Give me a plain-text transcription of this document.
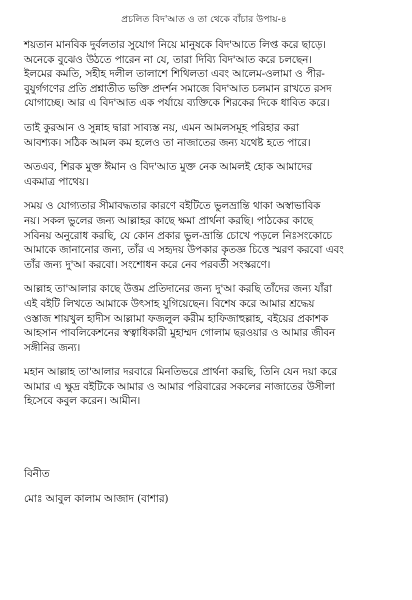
প্রচলিত বিদ'আত ও তা থেকে বাঁচার উপায়-৪
শয়তান মানবিক দুর্বলতার সুযোগ নিয়ে মানুষকে বিদ'আতে লিপ্ত করে ছাড়ে।
অনেকে বুঝেও উঠতে পারেন না যে, তারা দিব্যি বিদ'আত করে চলছেন।
ইলমের কমতি, সহীহ দলীল তালাশে শিথিলতা এবং আলেম-ওলামা ও পীর-
বুযুর্গগণের প্রতি প্রশ্নাতীত ভক্তি প্রদর্শন সমাজে বিদ'আত চলমান রাখতে রসদ
যোগাচ্ছে। আর এ বিদ'আত এক পর্যায়ে ব্যক্তিকে শিরকের দিকে ধাবিত করে।
তাই কুরআন ও সুন্নাহ দ্বারা সাব্যস্ত নয়, এমন আমলসমূহ পরিহার করা
আবশ্যক। সঠিক আমল কম হলেও তা নাজাতের জন্য যথেষ্ট হতে পারে।
অতএব, শিরক মুক্ত ঈমান ও বিদ'আত মুক্ত নেক আমলই হোক আমাদের
একমাত্র পাথেয়।
সময় ও যোগ্যতার সীমাবদ্ধতার কারণে বইটিতে ভুলভ্রান্তি থাকা অস্বাভাবিক
নয়। সকল ভুলের জন্য আল্লাহর কাছে ক্ষমা প্রার্থনা করছি। পাঠকের কাছে
সবিনয় অনুরোধ করছি, যে কোন প্রকার ভুল-ভ্রান্তি চোখে পড়লে নিঃসংকোচে
আমাকে জানানোর জন্য, তাঁর এ সহৃদয় উপকার কৃতজ্ঞ চিত্তে স্মরণ করবো এবং
তাঁর জন্য দু'আ করবো। সংশোধন করে নেব পরবর্তী সংস্করণে।
আল্লাহ তা'আলার কাছে উত্তম প্রতিদানের জন্য দু'আ করছি তাঁদের জন্য যাঁরা
এই বইটি লিখতে আমাকে উৎসাহ যুগিয়েছেন। বিশেষ করে আমার শ্রদ্ধেয়
ওস্তাজ শায়খুল হাদীস আল্লামা ফজলুল করীম হাফিজাহুল্লাহ, বইয়ের প্রকাশক
আহসান পাবলিকেশনের স্বত্বাধিকারী মুহাম্মদ গোলাম ছরওয়ার ও আমার জীবন
সঙ্গীনির জন্য।
মহান আল্লাহ তা'আলার দরবারে মিনতিভরে প্রার্থনা করছি, তিনি যেন দয়া করে
আমার এ ক্ষুদ্র বইটিকে আমার ও আমার পরিবারের সকলের নাজাতের উসীলা
হিসেবে কবুল করেন। আমীন।
বিনীত
মোঃ আবুল কালাম আজাদ (বাশার)
